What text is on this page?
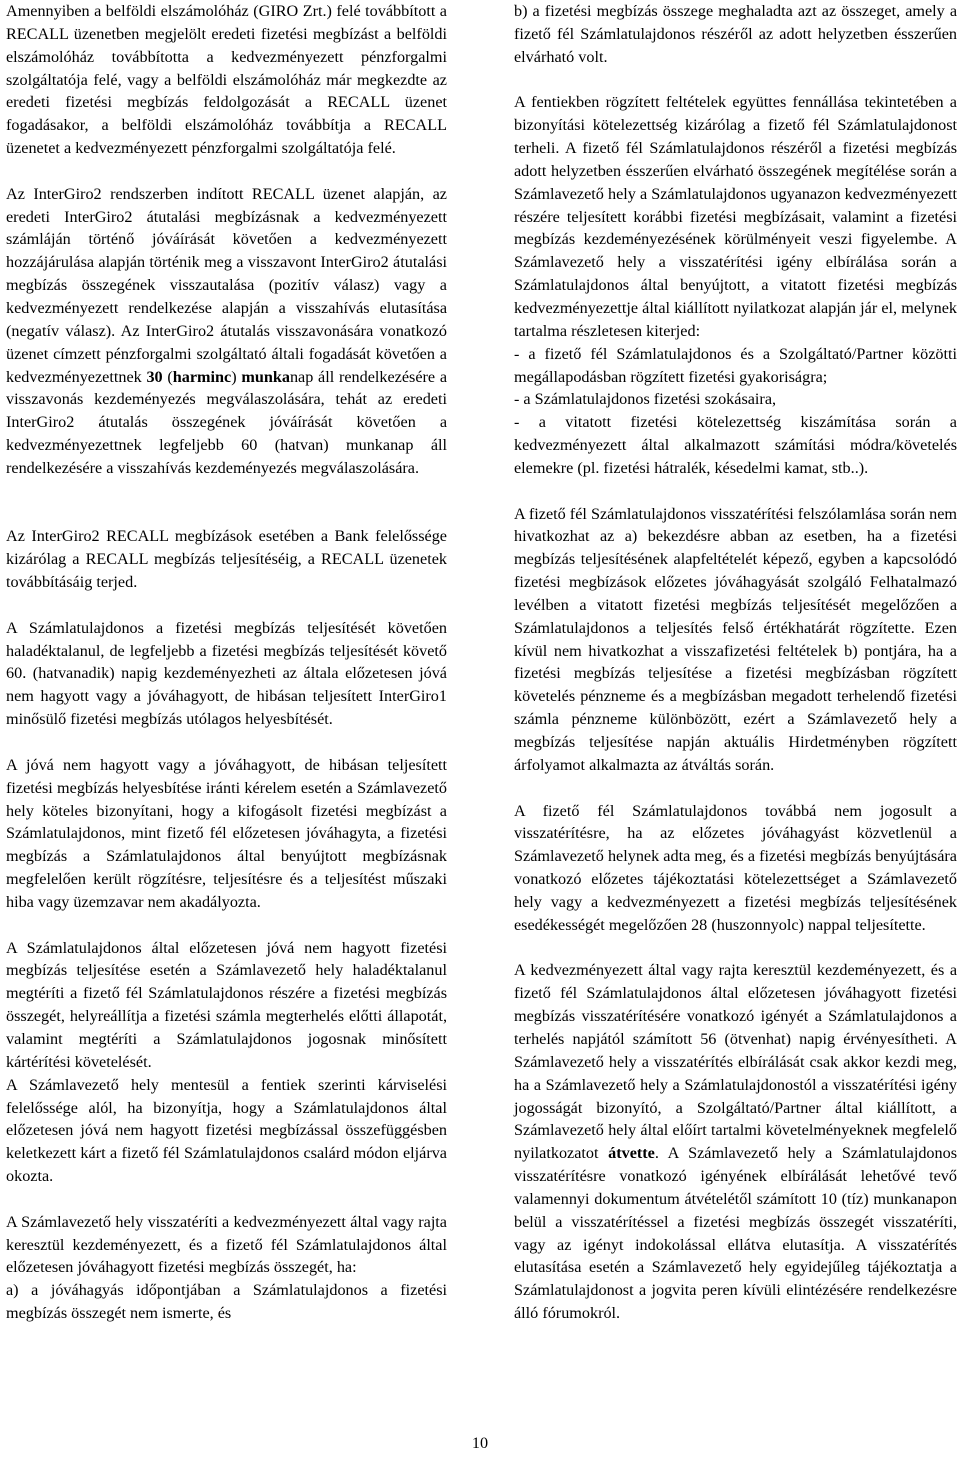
Amennyiben a belföldi elszámolóház (GIRO Zrt.) felé továbbított a RECALL üzenetben megjelölt eredeti fizetési megbízást a belföldi elszámolóház továbbította a kedvezményezett pénzforgalmi szolgáltatója felé, vagy a belföldi elszámolóház már megkezdte az eredeti fizetési megbízás feldolgozását a RECALL üzenet fogadásakor, a belföldi elszámolóház továbbítja a RECALL üzenetet a kedvezményezett pénzforgalmi szolgáltatója felé.

Az InterGiro2 rendszerben indított RECALL üzenet alapján, az eredeti InterGiro2 átutalási megbízásnak a kedvezményezett számláján történő jóváírását követően a kedvezményezett hozzájárulása alapján történik meg a visszavont InterGiro2 átutalási megbízás összegének visszautalása (pozitív válasz) vagy a kedvezményezett rendelkezése alapján a visszahívás elutasítása (negatív válasz). Az InterGiro2 átutalás visszavonására vonatkozó üzenet címzett pénzforgalmi szolgáltató általi fogadását követően a kedvezményezettnek 30 (harminc) munkanap áll rendelkezésére a visszavonás kezdeményezés megválaszolására, tehát az eredeti InterGiro2 átutalás összegének jóváírását követően a kedvezményezettnek legfeljebb 60 (hatvan) munkanap áll rendelkezésére a visszahívás kezdeményezés megválaszolására.

Az InterGiro2 RECALL megbízások esetében a Bank felelőssége kizárólag a RECALL megbízás teljesítéséig, a RECALL üzenetek továbbításáig terjed.

A Számlatulajdonos a fizetési megbízás teljesítését követően haladéktalanul, de legfeljebb a fizetési megbízás teljesítését követő 60. (hatvanadik) napig kezdeményezheti az általa előzetesen jóvá nem hagyott vagy a jóváhagyott, de hibásan teljesített InterGiro1 minősülő fizetési megbízás utólagos helyesbítését.

A jóvá nem hagyott vagy a jóváhagyott, de hibásan teljesített fizetési megbízás helyesbítése iránti kérelem esetén a Számlavezető hely köteles bizonyítani, hogy a kifogásolt fizetési megbízást a Számlatulajdonos, mint fizető fél előzetesen jóváhagyta, a fizetési megbízás a Számlatulajdonos által benyújtott megbízásnak megfelelően került rögzítésre, teljesítésre és a teljesítést műszaki hiba vagy üzemzavar nem akadályozta.

A Számlatulajdonos által előzetesen jóvá nem hagyott fizetési megbízás teljesítése esetén a Számlavezető hely haladéktalanul megtéríti a fizető fél Számlatulajdonos részére a fizetési megbízás összegét, helyreállítja a fizetési számla megterhelés előtti állapotát, valamint megtéríti a Számlatulajdonos jogosnak minősített kártérítési követelését.

A Számlavezető hely mentesül a fentiek szerinti kárviselési felelőssége alól, ha bizonyítja, hogy a Számlatulajdonos által előzetesen jóvá nem hagyott fizetési megbízással összefüggésben keletkezett kárt a fizető fél Számlatulajdonos csalárd módon eljárva okozta.

A Számlavezető hely visszatéríti a kedvezményezett által vagy rajta keresztül kezdeményezett, és a fizető fél Számlatulajdonos által előzetesen jóváhagyott fizetési megbízás összegét, ha:

a) a jóváhagyás időpontjában a Számlatulajdonos a fizetési megbízás összegét nem ismerte, és

b) a fizetési megbízás összege meghaladta azt az összeget, amely a fizető fél Számlatulajdonos részéről az adott helyzetben ésszerűen elvárható volt.

A fentiekben rögzített feltételek együttes fennállása tekintetében a bizonyítási kötelezettség kizárólag a fizető fél Számlatulajdonost terheli. A fizető fél Számlatulajdonos részéről a fizetési megbízás adott helyzetben ésszerűen elvárható összegének megítélése során a Számlavezető hely a Számlatulajdonos ugyanazon kedvezményezett részére teljesített korábbi fizetési megbízásait, valamint a fizetési megbízás kezdeményezésének körülményeit veszi figyelembe. A Számlavezető hely a visszatérítési igény elbírálása során a Számlatulajdonos által benyújtott, a vitatott fizetési megbízás kedvezményezettje által kiállított nyilatkozat alapján jár el, melynek tartalma részletesen kiterjed:

- a fizető fél Számlatulajdonos és a Szolgáltató/Partner közötti megállapodásban rögzített fizetési gyakoriságra;

- a Számlatulajdonos fizetési szokásaira,

- a vitatott fizetési kötelezettség kiszámítása során a kedvezményezett által alkalmazott számítási módra/követelés elemekre (pl. fizetési hátralék, késedelmi kamat, stb..).

A fizető fél Számlatulajdonos visszatérítési felszólamlása során nem hivatkozhat az a) bekezdésre abban az esetben, ha a fizetési megbízás teljesítésének alapfeltételét képező, egyben a kapcsolódó fizetési megbízások előzetes jóváhagyását szolgáló Felhatalmazó levélben a vitatott fizetési megbízás teljesítését megelőzően a Számlatulajdonos a teljesítés felső értékhatárát rögzítette. Ezen kívül nem hivatkozhat a visszafizetési feltételek b) pontjára, ha a fizetési megbízás teljesítése a fizetési megbízásban rögzített követelés pénzneme és a megbízásban megadott terhelendő fizetési számla pénzneme különbözött, ezért a Számlavezető hely a megbízás teljesítése napján aktuális Hirdetményben rögzített árfolyamot alkalmazta az átváltás során.

A fizető fél Számlatulajdonos továbbá nem jogosult a visszatérítésre, ha az előzetes jóváhagyást közvetlenül a Számlavezető helynek adta meg, és a fizetési megbízás benyújtására vonatkozó előzetes tájékoztatási kötelezettséget a Számlavezető hely vagy a kedvezményezett a fizetési megbízás teljesítésének esedékességét megelőzően 28 (huszonnyolc) nappal teljesítette.

A kedvezményezett által vagy rajta keresztül kezdeményezett, és a fizető fél Számlatulajdonos által előzetesen jóváhagyott fizetési megbízás visszatérítésére vonatkozó igényét a Számlatulajdonos a terhelés napjától számított 56 (ötvenhat) napig érvényesítheti. A Számlavezető hely a visszatérítés elbírálását csak akkor kezdi meg, ha a Számlavezető hely a Számlatulajdonostól a visszatérítési igény jogosságát bizonyító, a Szolgáltató/Partner által kiállított, a Számlavezető hely által előírt tartalmi követelményeknek megfelelő nyilatkozatot átvette. A Számlavezető hely a Számlatulajdonos visszatérítésre vonatkozó igényének elbírálását lehetővé tevő valamennyi dokumentum átvételétől számított 10 (tíz) munkanapon belül a visszatérítéssel a fizetési megbízás összegét visszatéríti, vagy az igényt indokolással ellátva elutasítja. A visszatérítés elutasítása esetén a Számlavezető hely egyidejűleg tájékoztatja a Számlatulajdonost a jogvita peren kívüli elintézésére rendelkezésre álló fórumokról.

10
